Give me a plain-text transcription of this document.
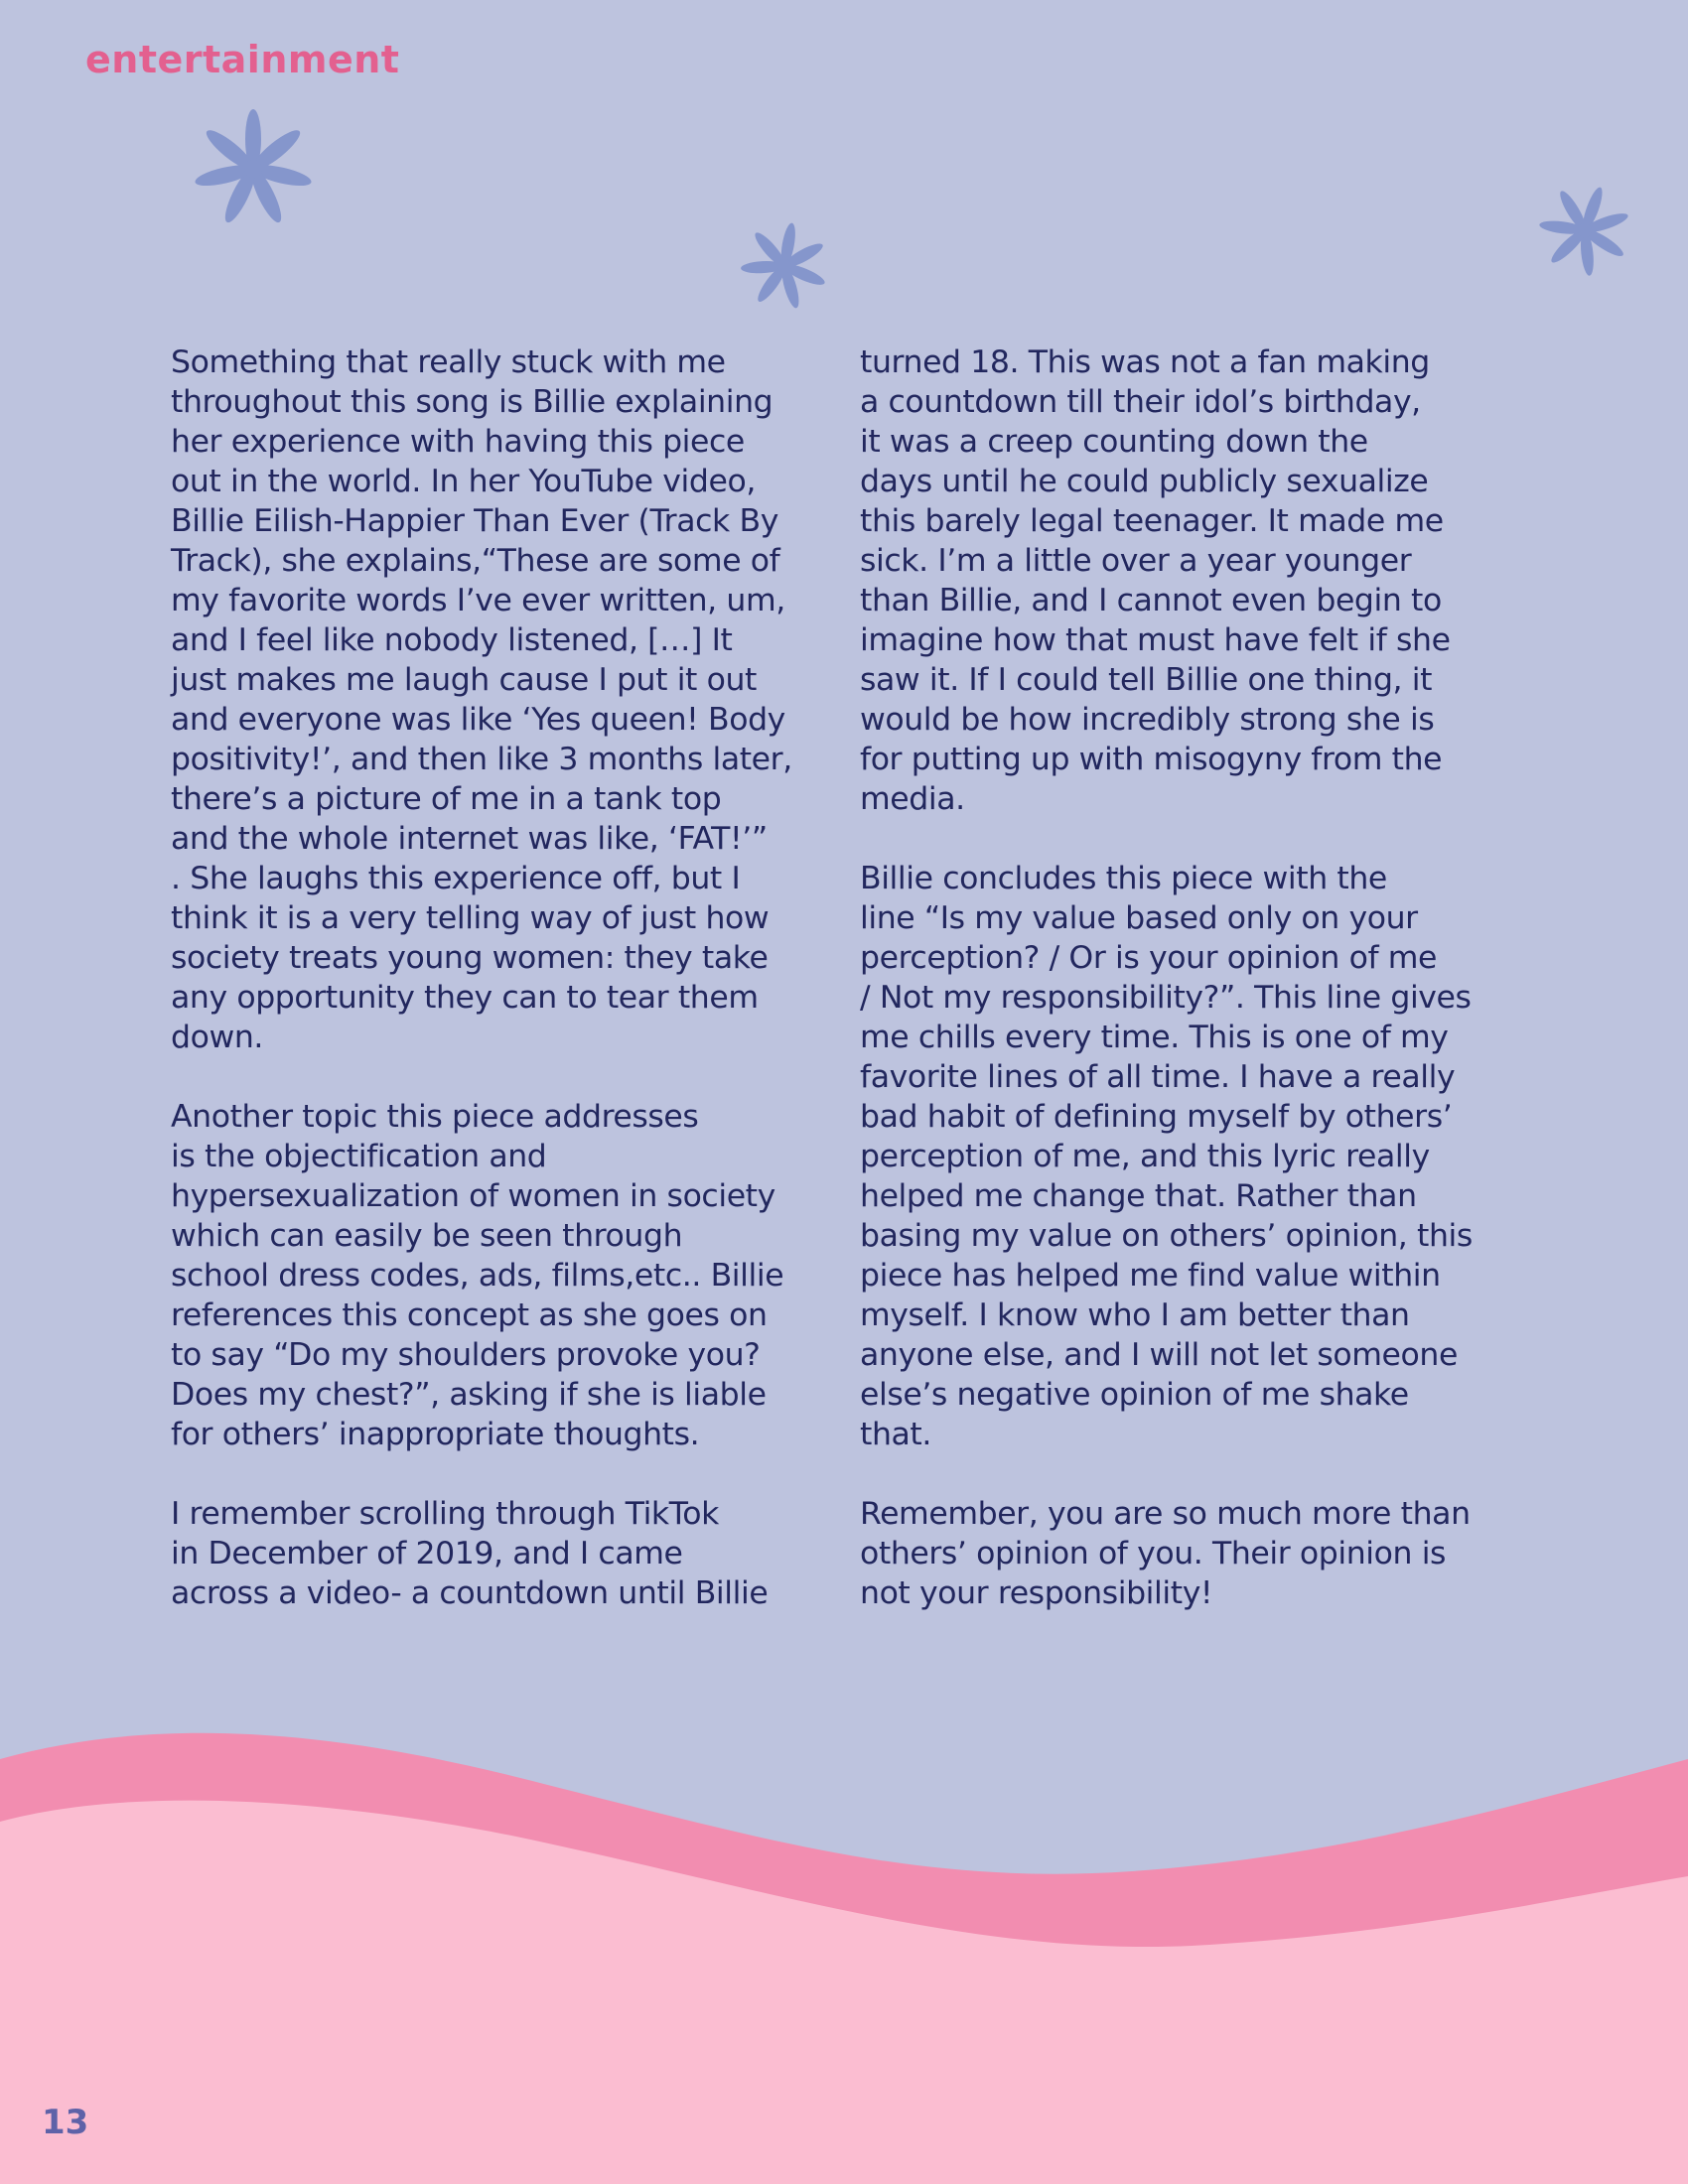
entertainment

Something that really stuck with me
throughout this song is Billie explaining
her experience with having this piece
out in the world. In her YouTube video,
Billie Eilish-Happier Than Ever (Track By
Track), she explains,“These are some of
my favorite words I’ve ever written, um,
and I feel like nobody listened, […] It
just makes me laugh cause I put it out
and everyone was like ‘Yes queen! Body
positivity!’, and then like 3 months later,
there’s a picture of me in a tank top
and the whole internet was like, ‘FAT!’”
. She laughs this experience off, but I
think it is a very telling way of just how
society treats young women: they take
any opportunity they can to tear them
down.

Another topic this piece addresses
is the objectification and
hypersexualization of women in society
which can easily be seen through
school dress codes, ads, films,etc.. Billie
references this concept as she goes on
to say “Do my shoulders provoke you?
Does my chest?”, asking if she is liable
for others’ inappropriate thoughts.

I remember scrolling through TikTok
in December of 2019, and I came
across a video- a countdown until Billie

turned 18. This was not a fan making
a countdown till their idol’s birthday,
it was a creep counting down the
days until he could publicly sexualize
this barely legal teenager. It made me
sick. I’m a little over a year younger
than Billie, and I cannot even begin to
imagine how that must have felt if she
saw it. If I could tell Billie one thing, it
would be how incredibly strong she is
for putting up with misogyny from the
media.

Billie concludes this piece with the
line “Is my value based only on your
perception? / Or is your opinion of me
/ Not my responsibility?”. This line gives
me chills every time. This is one of my
favorite lines of all time. I have a really
bad habit of defining myself by others’
perception of me, and this lyric really
helped me change that. Rather than
basing my value on others’ opinion, this
piece has helped me find value within
myself. I know who I am better than
anyone else, and I will not let someone
else’s negative opinion of me shake
that.

Remember, you are so much more than
others’ opinion of you. Their opinion is
not your responsibility!

13
